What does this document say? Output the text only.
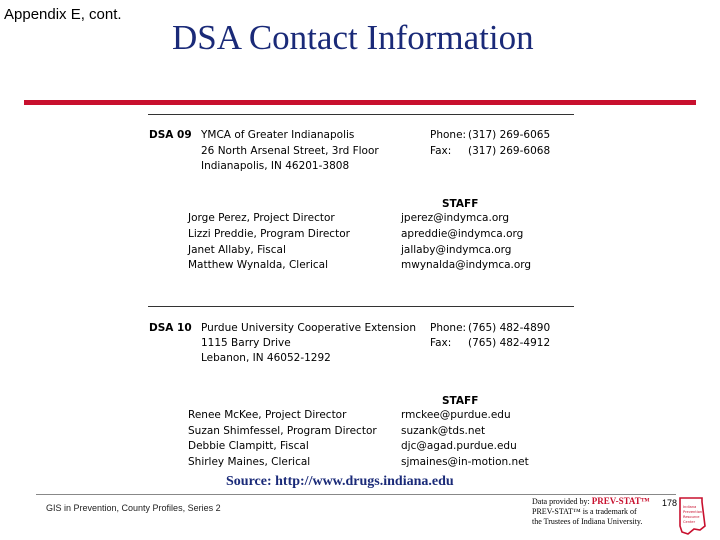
Appendix E, cont.
DSA Contact Information
DSA 09 YMCA of Greater Indianapolis
26 North Arsenal Street, 3rd Floor
Indianapolis, IN 46201-3808
Phone: (317) 269-6065
Fax: (317) 269-6068
STAFF
Jorge Perez, Project Director	jperez@indymca.org
Lizzi Preddie, Program Director	apreddie@indymca.org
Janet Allaby, Fiscal	jallaby@indymca.org
Matthew Wynalda, Clerical	mwynalda@indymca.org
DSA 10 Purdue University Cooperative Extension
1115 Barry Drive
Lebanon, IN 46052-1292
Phone: (765) 482-4890
Fax: (765) 482-4912
STAFF
Renee McKee, Project Director	rmckee@purdue.edu
Suzan Shimfessel, Program Director suzank@tds.net
Debbie Clampitt, Fiscal	djc@agad.purdue.edu
Shirley Maines, Clerical	sjmaines@in-motion.net
Source: http://www.drugs.indiana.edu
GIS in Prevention, County Profiles, Series 2
Data provided by: PREV-STAT™
PREV-STAT™ is a trademark of
the Trustees of Indiana University.
178 Indiana
Prevention
Resource
Center
